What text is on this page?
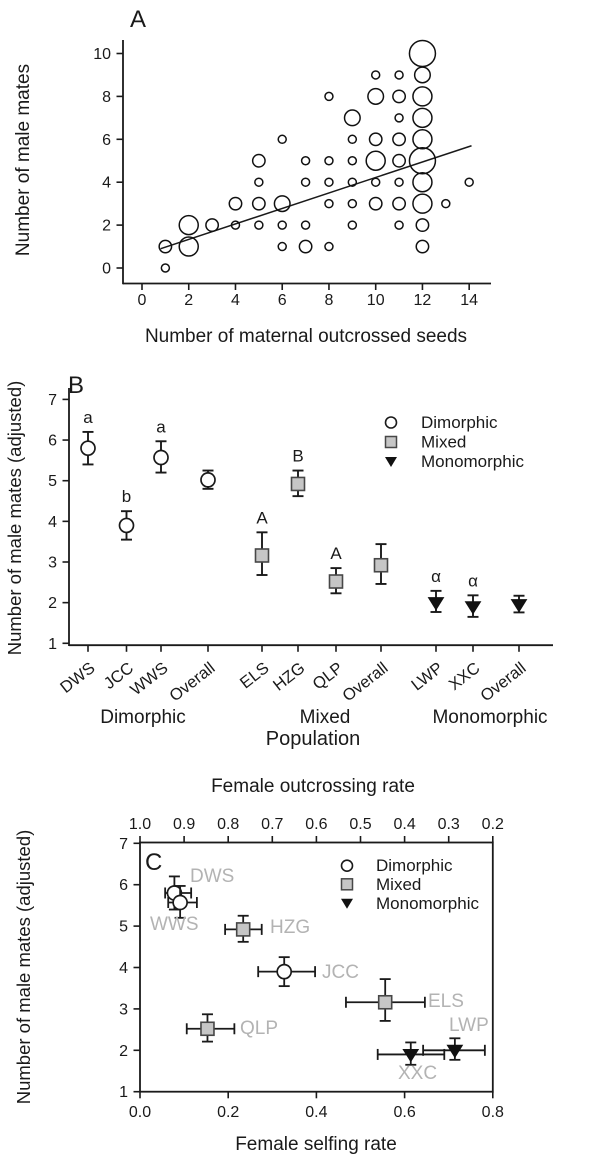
0 2 4 6 8 10 12 14
0
2
4
6
8
10
1
2
3
4
5
6
7
DWS JCC
WWS
Overall ELS
HZG QLP
Overall LWP XXC
Overall
a
b
a
A
B
A
α α
Dimorphic	Mixed	Monomorphic
Dimorphic
Mixed
Monomorphic
0.0	0.2	0.4	0.6	0.8
1.0 0.9 0.8 0.7 0.6 0.5 0.4 0.3 0.2
1
2
3
4
5
6
7
DWS
WWS	HZG
JCC
ELS
QLP
XXC
LWP
Dimorphic
Mixed
Monomorphic
A
B
C
Number of male mates
Number of maternal outcrossed seeds
Number of male mates (adjusted)
Population
Number of male mates (adjusted)
Female outcrossing rate
Female selfing rate
